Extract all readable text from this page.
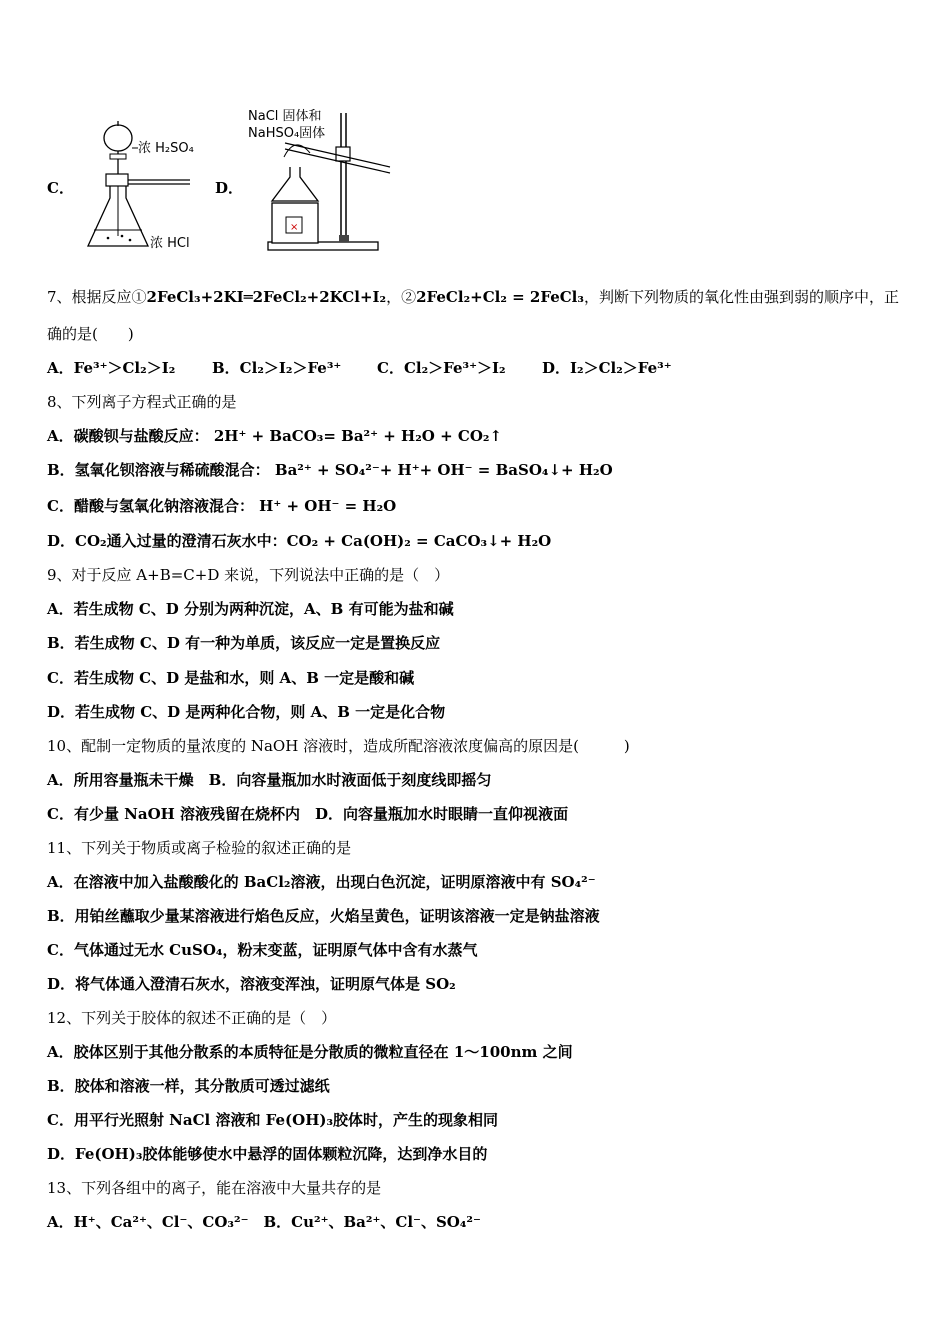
C．
浓 H₂SO₄
浓 HCl
D．
NaCl 固体和
NaHSO₄固体
×
7、根据反应①2FeCl₃+2KI═2FeCl₂+2KCl+I₂，②2FeCl₂+Cl₂ = 2FeCl₃，判断下列物质的氧化性由强到弱的顺序中，正
确的是(　　)
A．Fe³⁺＞Cl₂＞I₂ B．Cl₂＞I₂＞Fe³⁺ C．Cl₂＞Fe³⁺＞I₂ D．I₂＞Cl₂＞Fe³⁺
8、下列离子方程式正确的是
A．碳酸钡与盐酸反应： 2H⁺ + BaCO₃= Ba²⁺ + H₂O + CO₂↑
B．氢氧化钡溶液与稀硫酸混合： Ba²⁺ + SO₄²⁻+ H⁺+ OH⁻ = BaSO₄↓+ H₂O
C．醋酸与氢氧化钠溶液混合： H⁺ + OH⁻ = H₂O
D．CO₂通入过量的澄清石灰水中：CO₂ + Ca(OH)₂ = CaCO₃↓+ H₂O
9、对于反应 A+B=C+D 来说，下列说法中正确的是（　）
A．若生成物 C、D 分别为两种沉淀，A、B 有可能为盐和碱
B．若生成物 C、D 有一种为单质，该反应一定是置换反应
C．若生成物 C、D 是盐和水，则 A、B 一定是酸和碱
D．若生成物 C、D 是两种化合物，则 A、B 一定是化合物
10、配制一定物质的量浓度的 NaOH 溶液时，造成所配溶液浓度偏高的原因是(　　　)
A．所用容量瓶未干燥　B．向容量瓶加水时液面低于刻度线即摇匀
C．有少量 NaOH 溶液残留在烧杯内　D．向容量瓶加水时眼睛一直仰视液面
11、下列关于物质或离子检验的叙述正确的是
A．在溶液中加入盐酸酸化的 BaCl₂溶液，出现白色沉淀，证明原溶液中有 SO₄²⁻
B．用铂丝蘸取少量某溶液进行焰色反应，火焰呈黄色，证明该溶液一定是钠盐溶液
C．气体通过无水 CuSO₄，粉末变蓝，证明原气体中含有水蒸气
D．将气体通入澄清石灰水，溶液变浑浊，证明原气体是 SO₂
12、下列关于胶体的叙述不正确的是（　）
A．胶体区别于其他分散系的本质特征是分散质的微粒直径在 1～100nm 之间
B．胶体和溶液一样，其分散质可透过滤纸
C．用平行光照射 NaCl 溶液和 Fe(OH)₃胶体时，产生的现象相同
D．Fe(OH)₃胶体能够使水中悬浮的固体颗粒沉降，达到净水目的
13、下列各组中的离子，能在溶液中大量共存的是
A．H⁺、Ca²⁺、Cl⁻、CO₃²⁻　B．Cu²⁺、Ba²⁺、Cl⁻、SO₄²⁻
